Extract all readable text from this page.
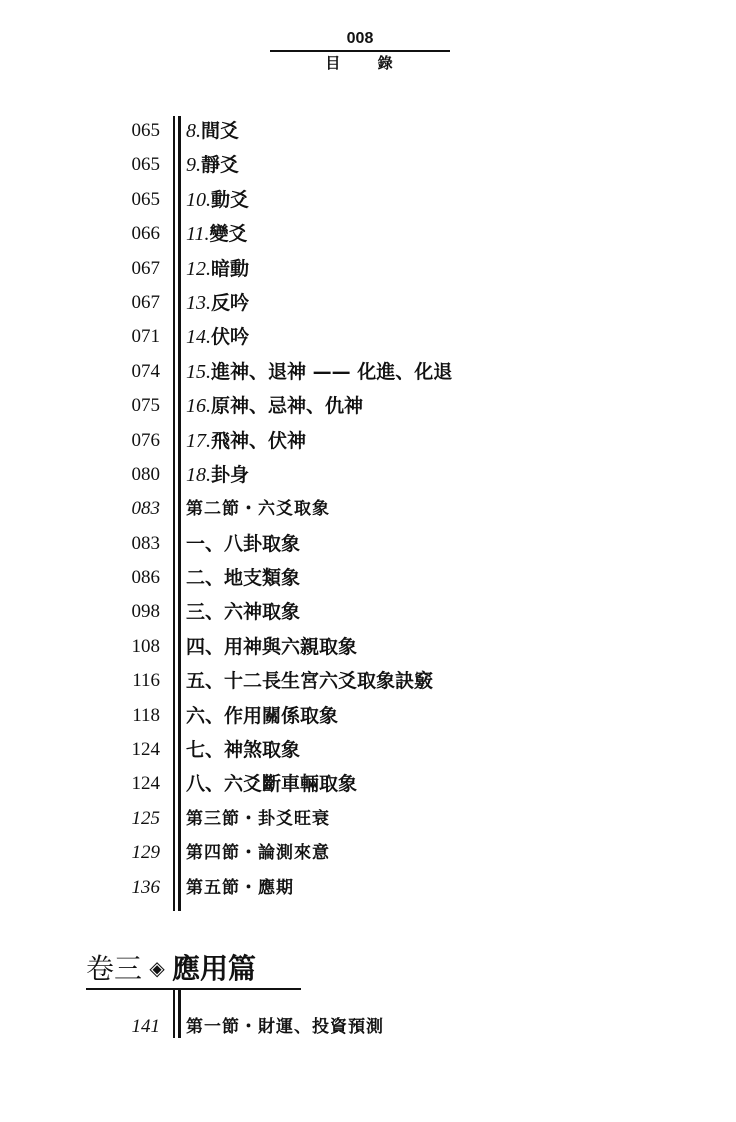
008
目 錄
065 8.間爻
065 9.靜爻
065 10.動爻
066 11.變爻
067 12.暗動
067 13.反吟
071 14.伏吟
074 15.進神、退神 —— 化進、化退
075 16.原神、忌神、仇神
076 17.飛神、伏神
080 18.卦身
083 第二節・六爻取象
083 一、八卦取象
086 二、地支類象
098 三、六神取象
108 四、用神與六親取象
116 五、十二長生宮六爻取象訣竅
118 六、作用關係取象
124 七、神煞取象
124 八、六爻斷車輛取象
125 第三節・卦爻旺衰
129 第四節・論測來意
136 第五節・應期
卷三 ◈ 應用篇
141 第一節・財運、投資預測
